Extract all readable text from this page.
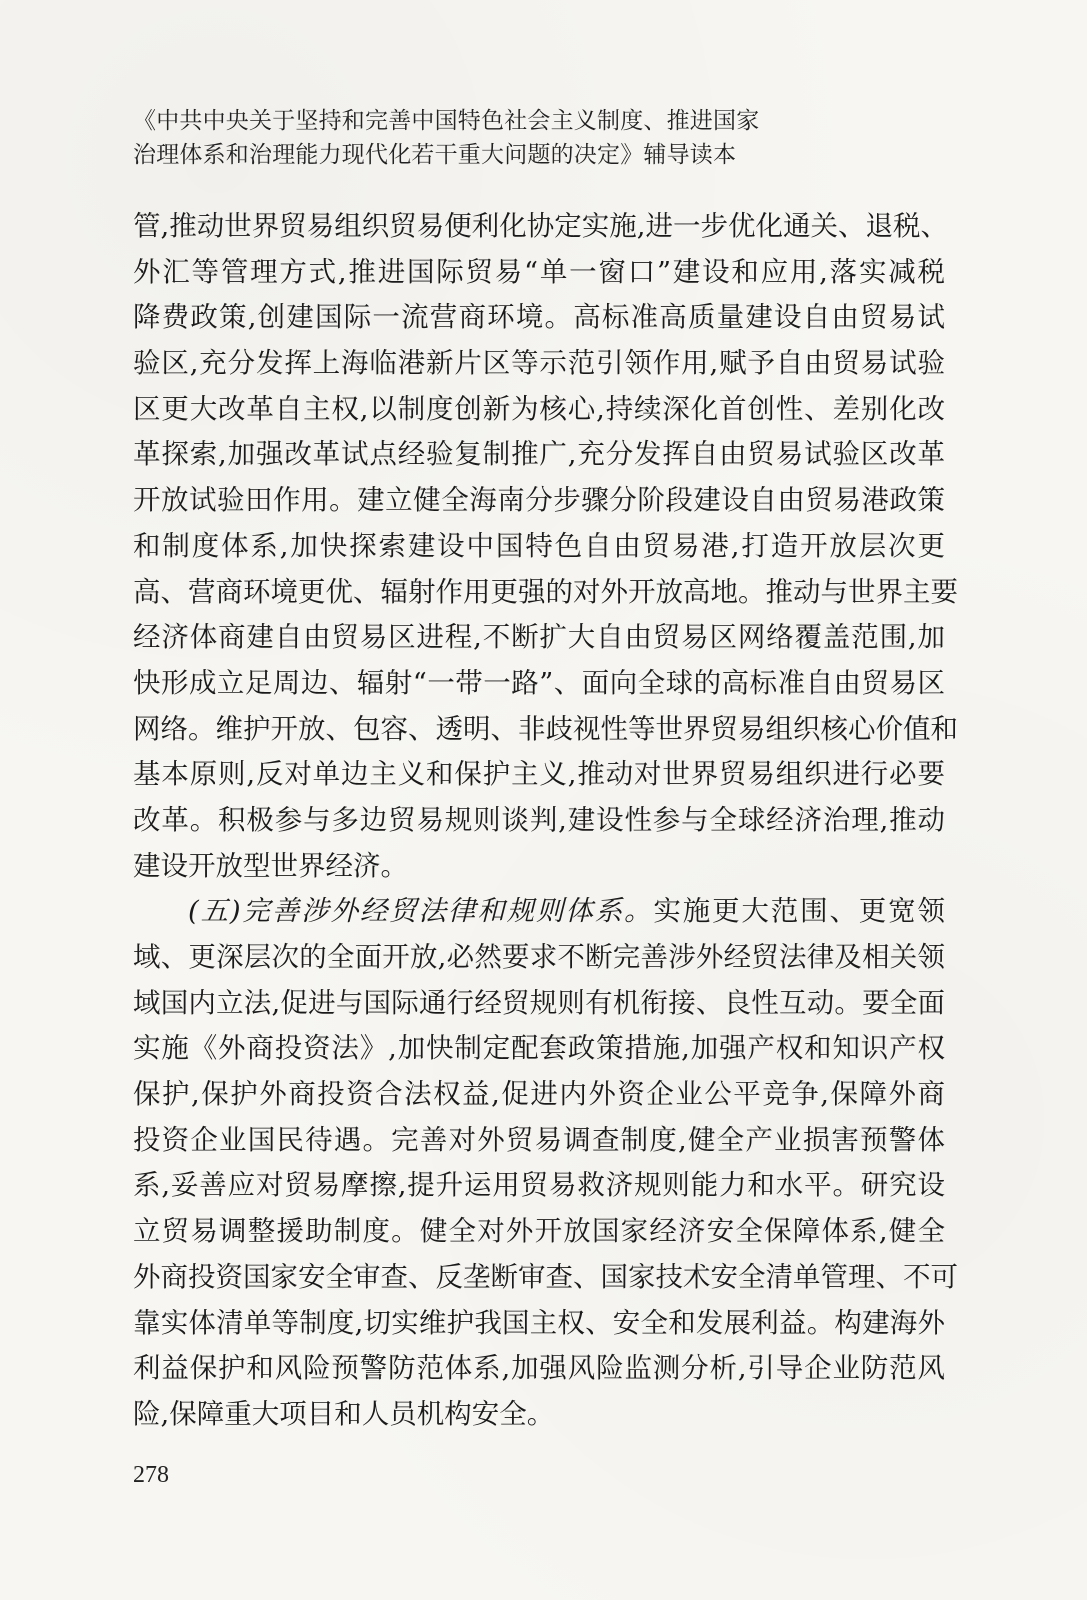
《中共中央关于坚持和完善中国特色社会主义制度、推进国家
治理体系和治理能力现代化若干重大问题的决定》辅导读本
管,推动世界贸易组织贸易便利化协定实施,进一步优化通关、退税、
外汇等管理方式,推进国际贸易“单一窗口”建设和应用,落实减税
降费政策,创建国际一流营商环境。高标准高质量建设自由贸易试
验区,充分发挥上海临港新片区等示范引领作用,赋予自由贸易试验
区更大改革自主权,以制度创新为核心,持续深化首创性、差别化改
革探索,加强改革试点经验复制推广,充分发挥自由贸易试验区改革
开放试验田作用。建立健全海南分步骤分阶段建设自由贸易港政策
和制度体系,加快探索建设中国特色自由贸易港,打造开放层次更
高、营商环境更优、辐射作用更强的对外开放高地。推动与世界主要
经济体商建自由贸易区进程,不断扩大自由贸易区网络覆盖范围,加
快形成立足周边、辐射“一带一路”、面向全球的高标准自由贸易区
网络。维护开放、包容、透明、非歧视性等世界贸易组织核心价值和
基本原则,反对单边主义和保护主义,推动对世界贸易组织进行必要
改革。积极参与多边贸易规则谈判,建设性参与全球经济治理,推动
建设开放型世界经济。
(五)完善涉外经贸法律和规则体系。实施更大范围、更宽领
域、更深层次的全面开放,必然要求不断完善涉外经贸法律及相关领
域国内立法,促进与国际通行经贸规则有机衔接、良性互动。要全面
实施《外商投资法》,加快制定配套政策措施,加强产权和知识产权
保护,保护外商投资合法权益,促进内外资企业公平竞争,保障外商
投资企业国民待遇。完善对外贸易调查制度,健全产业损害预警体
系,妥善应对贸易摩擦,提升运用贸易救济规则能力和水平。研究设
立贸易调整援助制度。健全对外开放国家经济安全保障体系,健全
外商投资国家安全审查、反垄断审查、国家技术安全清单管理、不可
靠实体清单等制度,切实维护我国主权、安全和发展利益。构建海外
利益保护和风险预警防范体系,加强风险监测分析,引导企业防范风
险,保障重大项目和人员机构安全。
278
